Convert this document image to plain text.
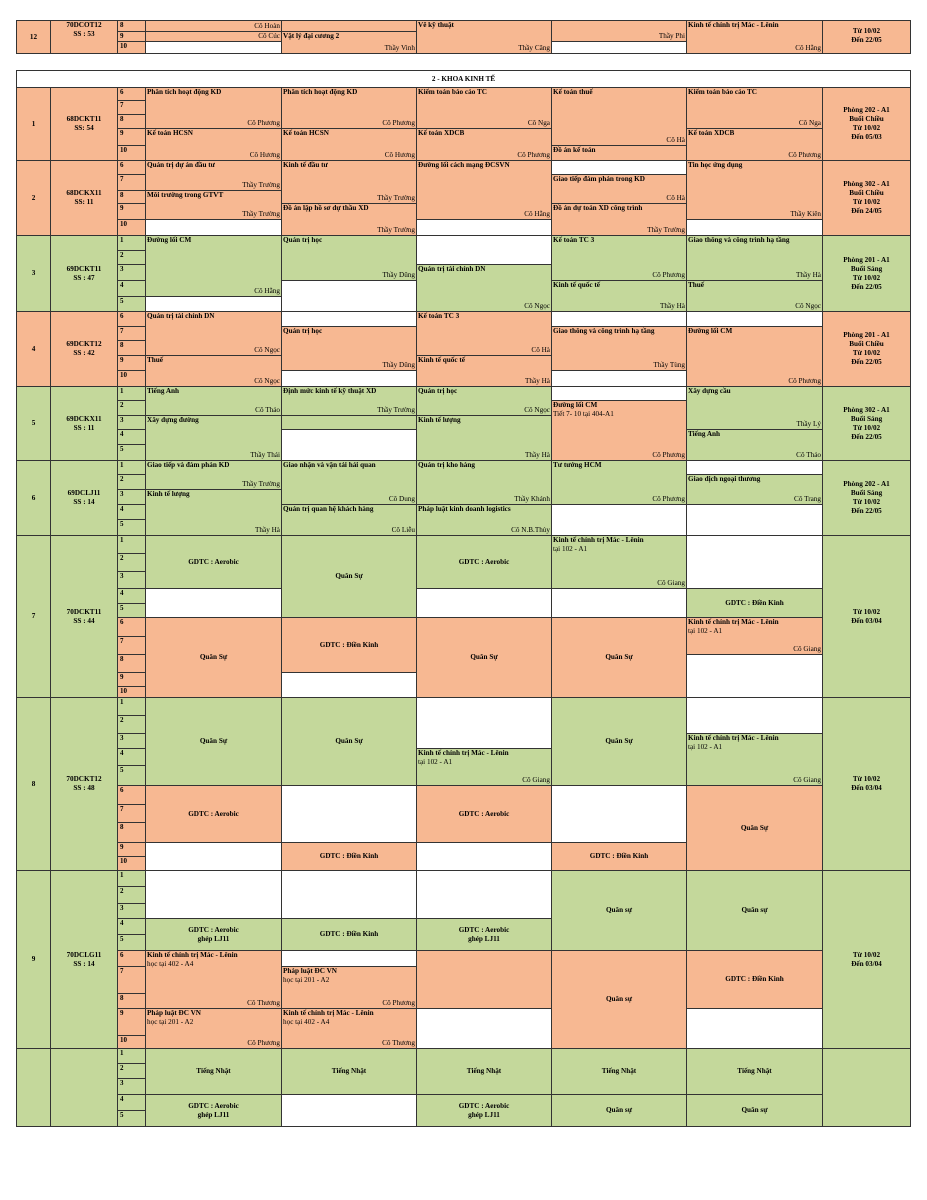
2 - KHOA KINH TẾ
12
70DCOT12
SS : 53
8
9
10
Từ 10/02
Đến 22/05
Cô Hoàn
Cô Cúc Vật lý đại cương 2
Thầy Vinh
Vẽ kỹ thuật
Thầy Căng
Thầy Phi
Kinh tế chính trị Mác - Lênin
Cô Hằng
1
68DCKT11
SS: 54
6
7
8
9
10
Phòng 202 - A1
Buổi Chiều
Từ 10/02
Đến 05/03
Phân tích hoạt động KD
Cô Phương
Kế toán HCSN
Cô Hương
Phân tích hoạt động KD
Cô Phương
Kế toán HCSN
Cô Hương
Kiểm toán báo cáo TC
Cô Nga
Kế toán XDCB
Cô Phương
Kế toán thuế
Cô Hà
Đồ án kế toán
Kiểm toán báo cáo TC
Cô Nga
Kế toán XDCB
Cô Phương
2
68DCKX11
SS: 11
6
7
8
9
10
Phòng 302 - A1
Buổi Chiều
Từ 10/02
Đến 24/05
Quản trị dự án đầu tư
Thầy Trường
Môi trường trong GTVT
Thầy Trường
Kinh tế đầu tư
Thầy Trường
Đồ án lập hồ sơ dự thầu XD
Thầy Trường
Đường lối cách mạng ĐCSVN
Cô Hằng
Giao tiếp đàm phán trong KD
Cô Hà
Đồ án dự toán XD công trình
Thầy Trường
Tin học ứng dụng
Thầy Kiên
3
69DCKT11
SS : 47
1
2
3
4
5
Phòng 201 - A1
Buổi Sáng
Từ 10/02
Đến 22/05
Đường lối CM
Cô Hằng
Quản trị học
Thầy Dũng
Quản trị tài chính DN
Cô Ngọc
Kế toán TC 3
Cô Phương
Kinh tế quốc tế
Thầy Hà
Giao thông và công trình hạ tầng
Thầy Hà
Thuế
Cô Ngọc
4
69DCKT12
SS : 42
6
7
8
9
10
Phòng 201 - A1
Buổi Chiều
Từ 10/02
Đến 22/05
Quản trị tài chính DN
Cô Ngọc
Thuế
Cô Ngọc
Quản trị học
Thầy Dũng
Kế toán TC 3
Cô Hà
Kinh tế quốc tế
Thầy Hà
Giao thông và công trình hạ tầng
Thầy Tùng
Đường lối CM
Cô Phương
5
69DCKX11
SS : 11
1
2
3
4
5
Phòng 302 - A1
Buổi Sáng
Từ 10/02
Đến 22/05
Tiếng Anh
Cô Thảo
Xây dựng đường
Thầy Thái
Định mức kinh tế kỹ thuật XD
Thầy Trường
Quản trị học
Cô Ngọc
Kinh tế lượng
Thầy Hà
Đường lối CM
Tiết 7- 10 tại 404-A1
Cô Phương
Xây dựng cầu
Thầy Lý
Tiếng Anh
Cô Thảo
6
69DCLJ11
SS : 14
1
2
3
4
5
Phòng 202 - A1
Buổi Sáng
Từ 10/02
Đến 22/05
Giao tiếp và đàm phán KD
Thầy Trường
Kinh tế lượng
Thầy Hà
Giao nhận và vận tải hải quan
Cô Dung
Quản trị quan hệ khách hàng
Cô Liễu
Quản trị kho hàng
Thầy Khánh
Pháp luật kinh doanh logistics
Cô N.B.Thủy
Tư tưởng HCM
Cô Phương
Giao dịch ngoại thương
Cô Trang
7
70DCKT11
SS : 44
1
2
3
4
5
6
7
8
9
10
Từ 10/02
Đến 03/04
GDTC : Aerobic
Quân Sự
Quân Sự
GDTC : Điền Kinh
GDTC : Aerobic
Quân Sự
Kinh tế chính trị Mác - Lênin
tại 102 - A1
Cô Giang
Quân Sự
GDTC : Điền Kinh
Kinh tế chính trị Mác - Lênin
tại 102 - A1
Cô Giang
8
70DCKT12
SS : 48
1
2
3
4
5
6
7
8
9
10
Từ 10/02
Đến 03/04
Quân Sự
GDTC : Aerobic
Quân Sự
GDTC : Điền Kinh
Kinh tế chính trị Mác - Lênin
tại 102 - A1
Cô Giang
GDTC : Aerobic
Quân Sự
GDTC : Điền Kinh
Kinh tế chính trị Mác - Lênin
tại 102 - A1
Cô Giang
Quân Sự
9
70DCLG11
SS : 14
1
2
3
4
5
6
7
8
9
10
Từ 10/02
Đến 03/04
GDTC : Aerobic
ghép LJ11
Kinh tế chính trị Mác - Lênin
học tại 402 - A4
Cô Thương
Pháp luật ĐC VN
học tại 201 - A2
Cô Phương
GDTC : Điền Kinh
Pháp luật ĐC VN
học tại 201 - A2
Cô Phương
Kinh tế chính trị Mác - Lênin
học tại 402 - A4
Cô Thương
GDTC : Aerobic
ghép LJ11
Quân sự
Quân sự
Quân sự
GDTC : Điền Kinh
1
2
3
4
5
Tiếng Nhật
GDTC : Aerobic
ghép LJ11
Tiếng Nhật	Tiếng Nhật
GDTC : Aerobic
ghép LJ11
Tiếng Nhật
Quân sự
Tiếng Nhật
Quân sự
